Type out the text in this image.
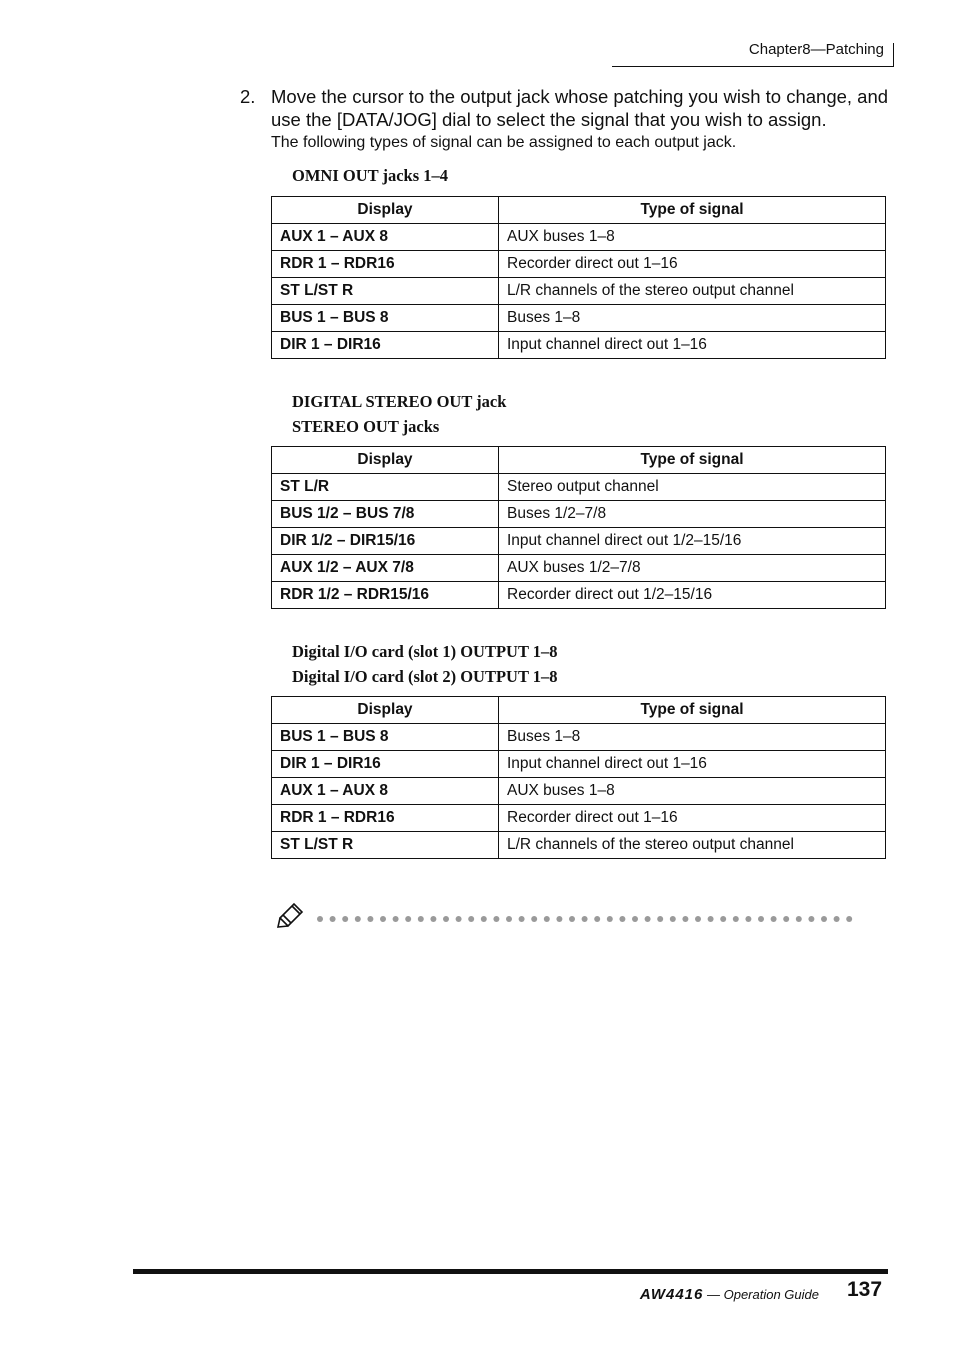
Chapter8—Patching
2. Move the cursor to the output jack whose patching you wish to change, and use the [DATA/JOG] dial to select the signal that you wish to assign.
The following types of signal can be assigned to each output jack.
OMNI OUT jacks 1–4
Display	Type of signal
AUX 1 – AUX 8	AUX buses 1–8
RDR 1 – RDR16	Recorder direct out 1–16
ST L/ST R	L/R channels of the stereo output channel
BUS 1 – BUS 8	Buses 1–8
DIR 1 – DIR16	Input channel direct out 1–16
DIGITAL STEREO OUT jack
STEREO OUT jacks
Display	Type of signal
ST L/R	Stereo output channel
BUS 1/2 – BUS 7/8	Buses 1/2–7/8
DIR 1/2 – DIR15/16	Input channel direct out 1/2–15/16
AUX 1/2 – AUX 7/8	AUX buses 1/2–7/8
RDR 1/2 – RDR15/16	Recorder direct out 1/2–15/16
Digital I/O card (slot 1) OUTPUT 1–8
Digital I/O card (slot 2) OUTPUT 1–8
Display	Type of signal
BUS 1 – BUS 8	Buses 1–8
DIR 1 – DIR16	Input channel direct out 1–16
AUX 1 – AUX 8	AUX buses 1–8
RDR 1 – RDR16	Recorder direct out 1–16
ST L/ST R	L/R channels of the stereo output channel
AW4416 — Operation Guide 137
